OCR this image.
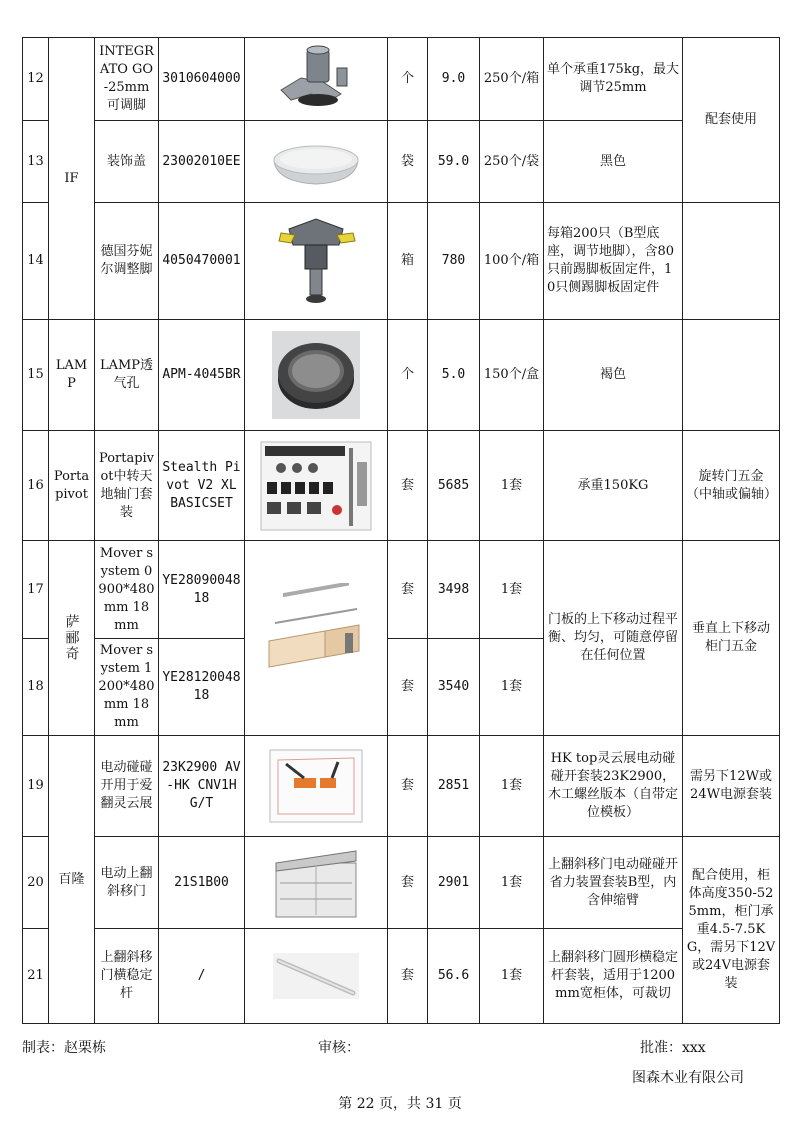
12	IF	INTEGRATO GO-25mm可调脚	3010604000		个	9.0	250个/箱	单个承重175kg，最大调节25mm	配套使用
13		装饰盖	23002010EE		袋	59.0	250个/袋	黑色	
14		德国芬妮尔调整脚	4050470001		箱	780	100个/箱	每箱200只（B型底座，调节地脚），含80只前踢脚板固定件，10只侧踢脚板固定件	
15	LAMP	LAMP透气孔	APM-4045BR		个	5.0	150个/盒	褐色	
16	Portapivot	Portapivot中转天地轴门套装	Stealth Pivot V2 XL BASICSET		套	5685	1套	承重150KG	旋转门五金（中轴或偏轴）
17	萨郦奇	Mover system 0900*480mm 18mm	YE2809004818		套	3498	1套	门板的上下移动过程平衡、均匀，可随意停留在任何位置	垂直上下移动柜门五金
18		Mover system 1200*480mm 18mm	YE2812004818		套	3540	1套		
19	百隆	电动碰碰开用于爱翻灵云展	23K2900 AV-HK CNV1HG/T		套	2851	1套	HK top灵云展电动碰碰开套装23K2900，木工螺丝版本（自带定位模板）	需另下12W或24W电源套装
20		电动上翻斜移门	21S1B00		套	2901	1套	上翻斜移门电动碰碰开省力装置套装B型，内含伸缩臂	配合使用，柜体高度350-525mm，柜门承重4.5-7.5KG，需另下12V或24V电源套装
21		上翻斜移门横稳定杆	/		套	56.6	1套	上翻斜移门圆形横稳定杆套装，适用于1200 mm宽柜体，可裁切	
制表：赵栗栋	审核：	批准：xxx
图森木业有限公司
第 22 页，共 31 页
